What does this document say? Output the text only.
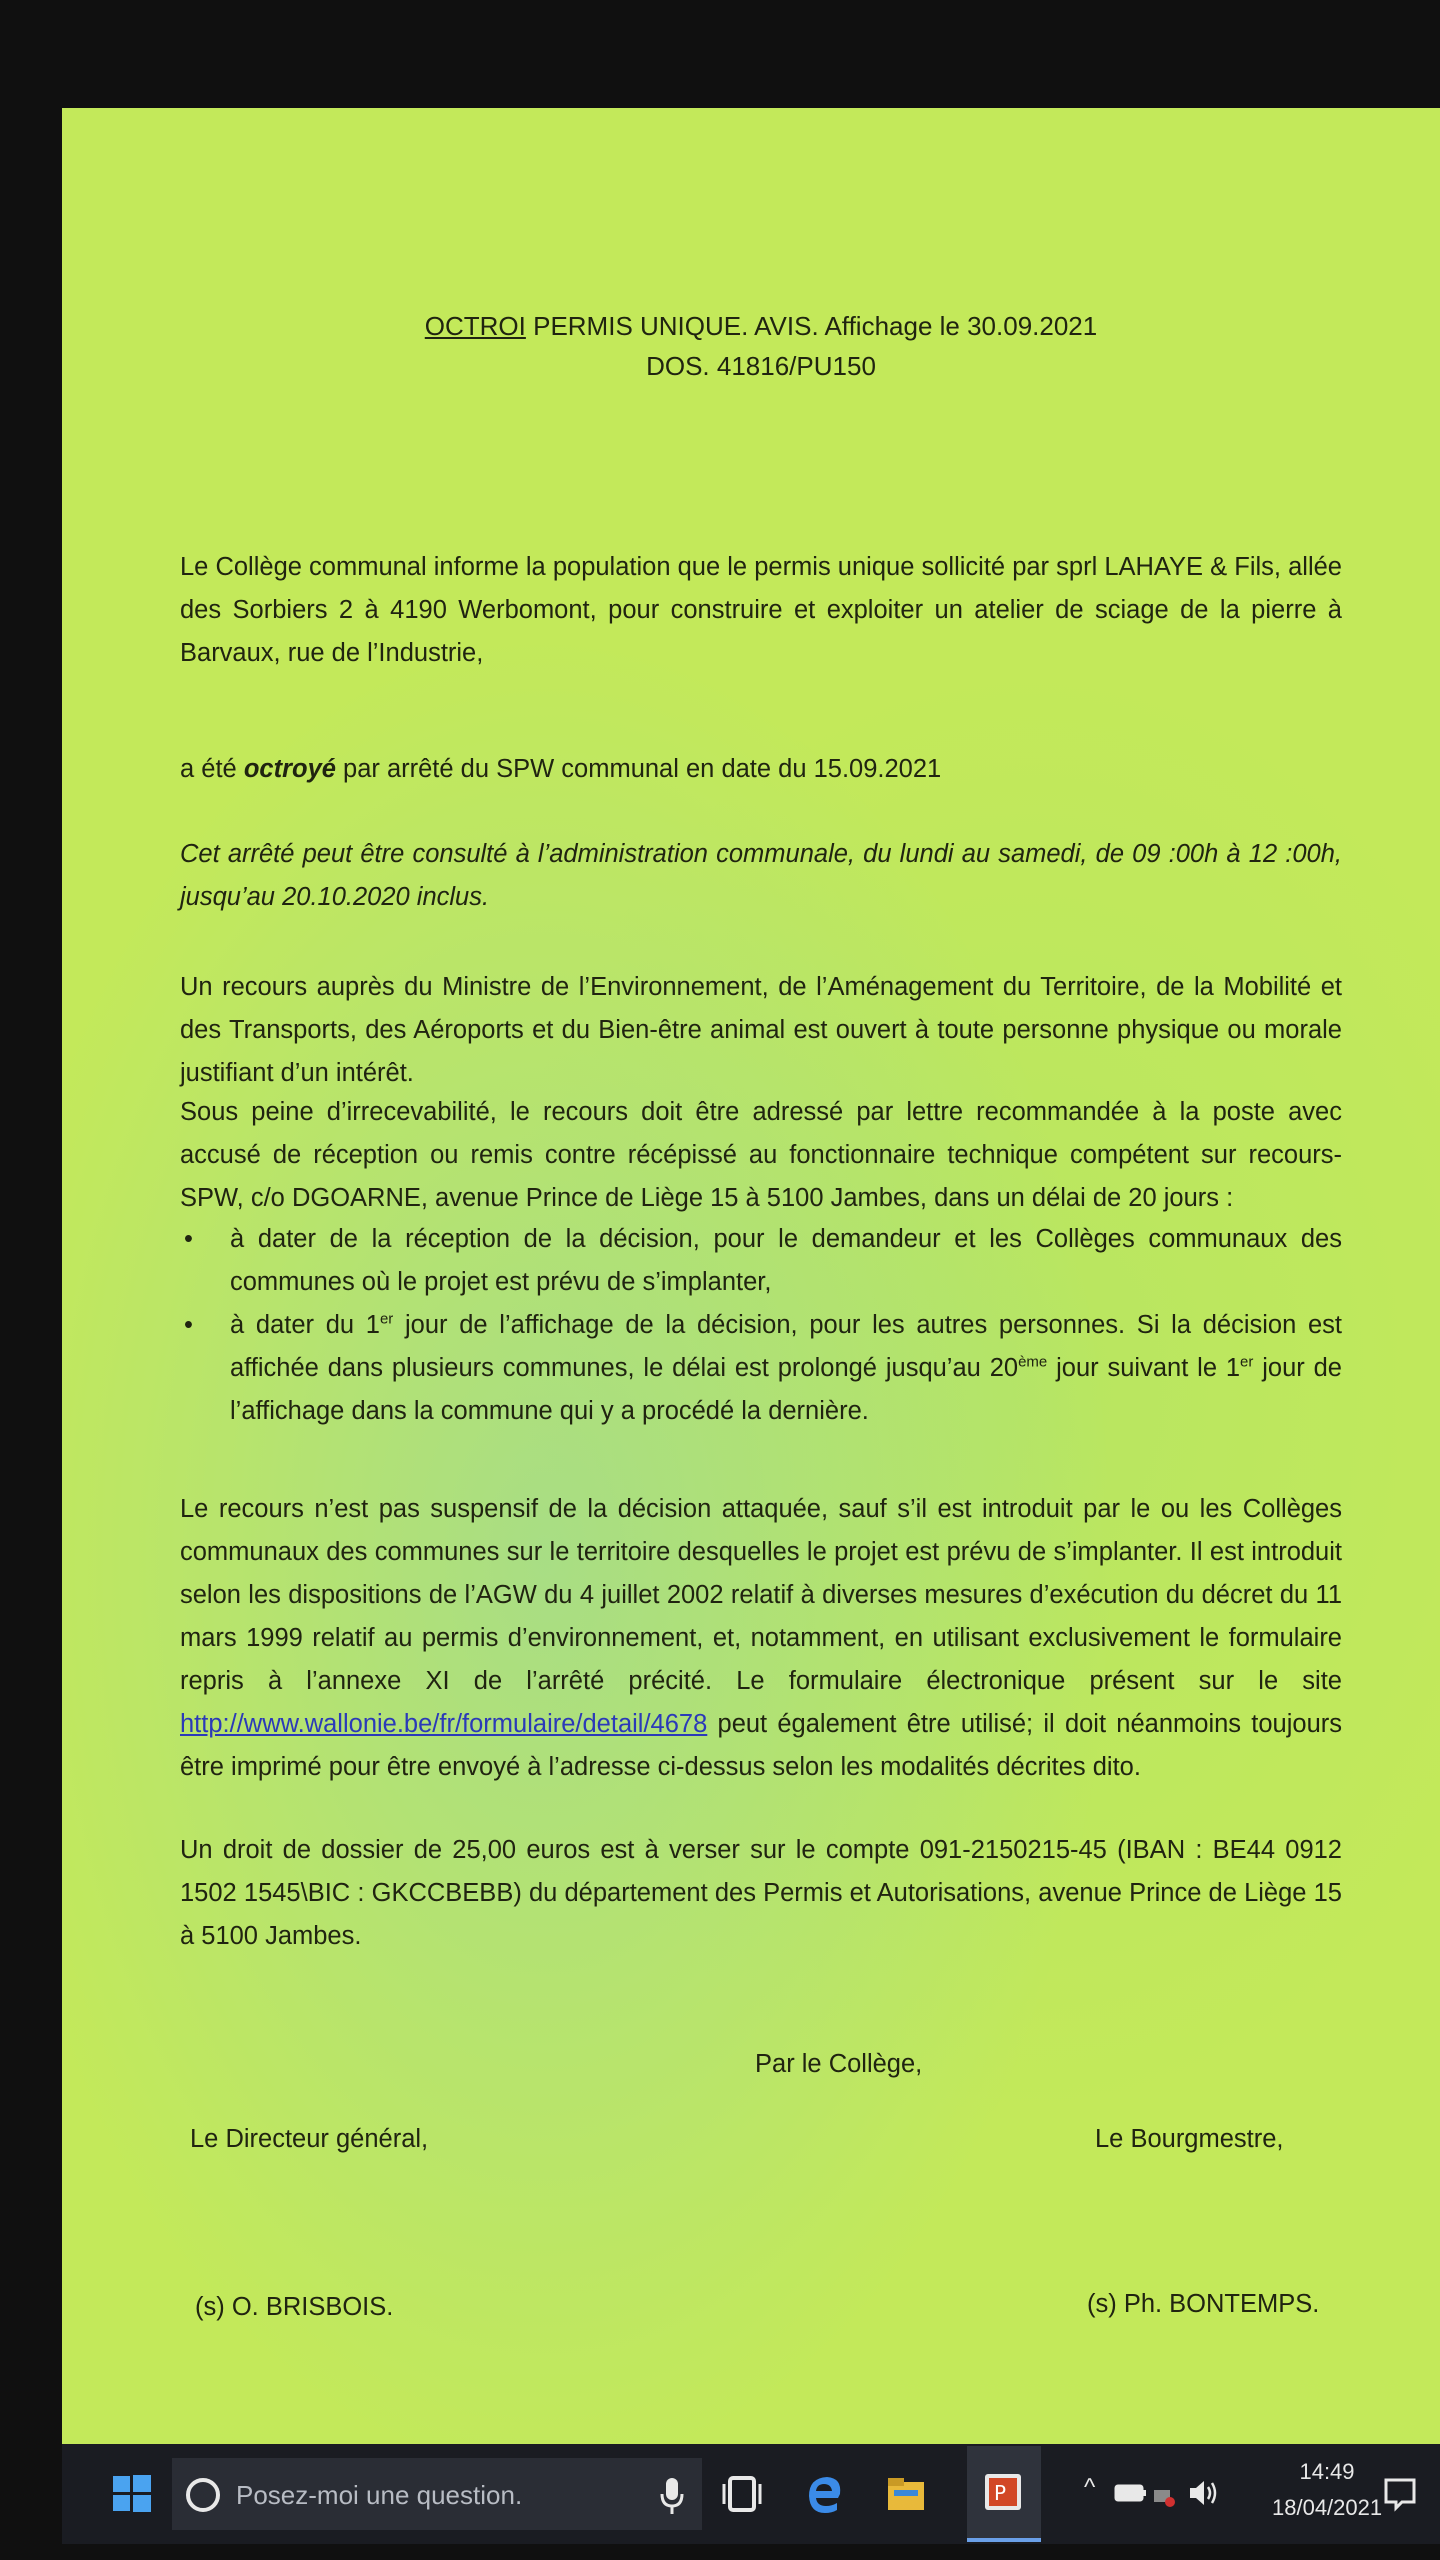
OCTROI PERMIS UNIQUE. AVIS. Affichage le 30.09.2021
DOS. 41816/PU150
Le Collège communal informe la population que le permis unique sollicité par sprl LAHAYE & Fils, allée des Sorbiers 2 à 4190 Werbomont, pour construire et exploiter un atelier de sciage de la pierre à Barvaux, rue de l’Industrie,
a été octroyé par arrêté du SPW communal en date du 15.09.2021
Cet arrêté peut être consulté à l’administration communale, du lundi au samedi, de 09 :00h à 12 :00h, jusqu’au 20.10.2020 inclus.
Un recours auprès du Ministre de l’Environnement, de l’Aménagement du Territoire, de la Mobilité et des Transports, des Aéroports et du Bien-être animal est ouvert à toute personne physique ou morale justifiant d’un intérêt.
Sous peine d’irrecevabilité, le recours doit être adressé par lettre recommandée à la poste avec accusé de réception ou remis contre récépissé au fonctionnaire technique compétent sur recours-SPW, c/o DGOARNE, avenue Prince de Liège 15 à 5100 Jambes, dans un délai de 20 jours :
• à dater de la réception de la décision, pour le demandeur et les Collèges communaux des communes où le projet est prévu de s’implanter,
• à dater du 1er jour de l’affichage de la décision, pour les autres personnes. Si la décision est affichée dans plusieurs communes, le délai est prolongé jusqu’au 20ème jour suivant le 1er jour de l’affichage dans la commune qui y a procédé la dernière.
Le recours n’est pas suspensif de la décision attaquée, sauf s’il est introduit par le ou les Collèges communaux des communes sur le territoire desquelles le projet est prévu de s’implanter. Il est introduit selon les dispositions de l’AGW du 4 juillet 2002 relatif à diverses mesures d’exécution du décret du 11 mars 1999 relatif au permis d’environnement, et, notamment, en utilisant exclusivement le formulaire repris à l’annexe XI de l’arrêté précité. Le formulaire électronique présent sur le site http://www.wallonie.be/fr/formulaire/detail/4678 peut également être utilisé; il doit néanmoins toujours être imprimé pour être envoyé à l’adresse ci-dessus selon les modalités décrites dito.
Un droit de dossier de 25,00 euros est à verser sur le compte 091-2150215-45 (IBAN : BE44 0912 1502 1545\BIC : GKCCBEBB) du département des Permis et Autorisations, avenue Prince de Liège 15 à 5100 Jambes.
Par le Collège,
Le Directeur général,	Le Bourgmestre,
(s) O. BRISBOIS.	(s) Ph. BONTEMPS.
Posez-moi une question.	P	^
14:49
18/04/2021
